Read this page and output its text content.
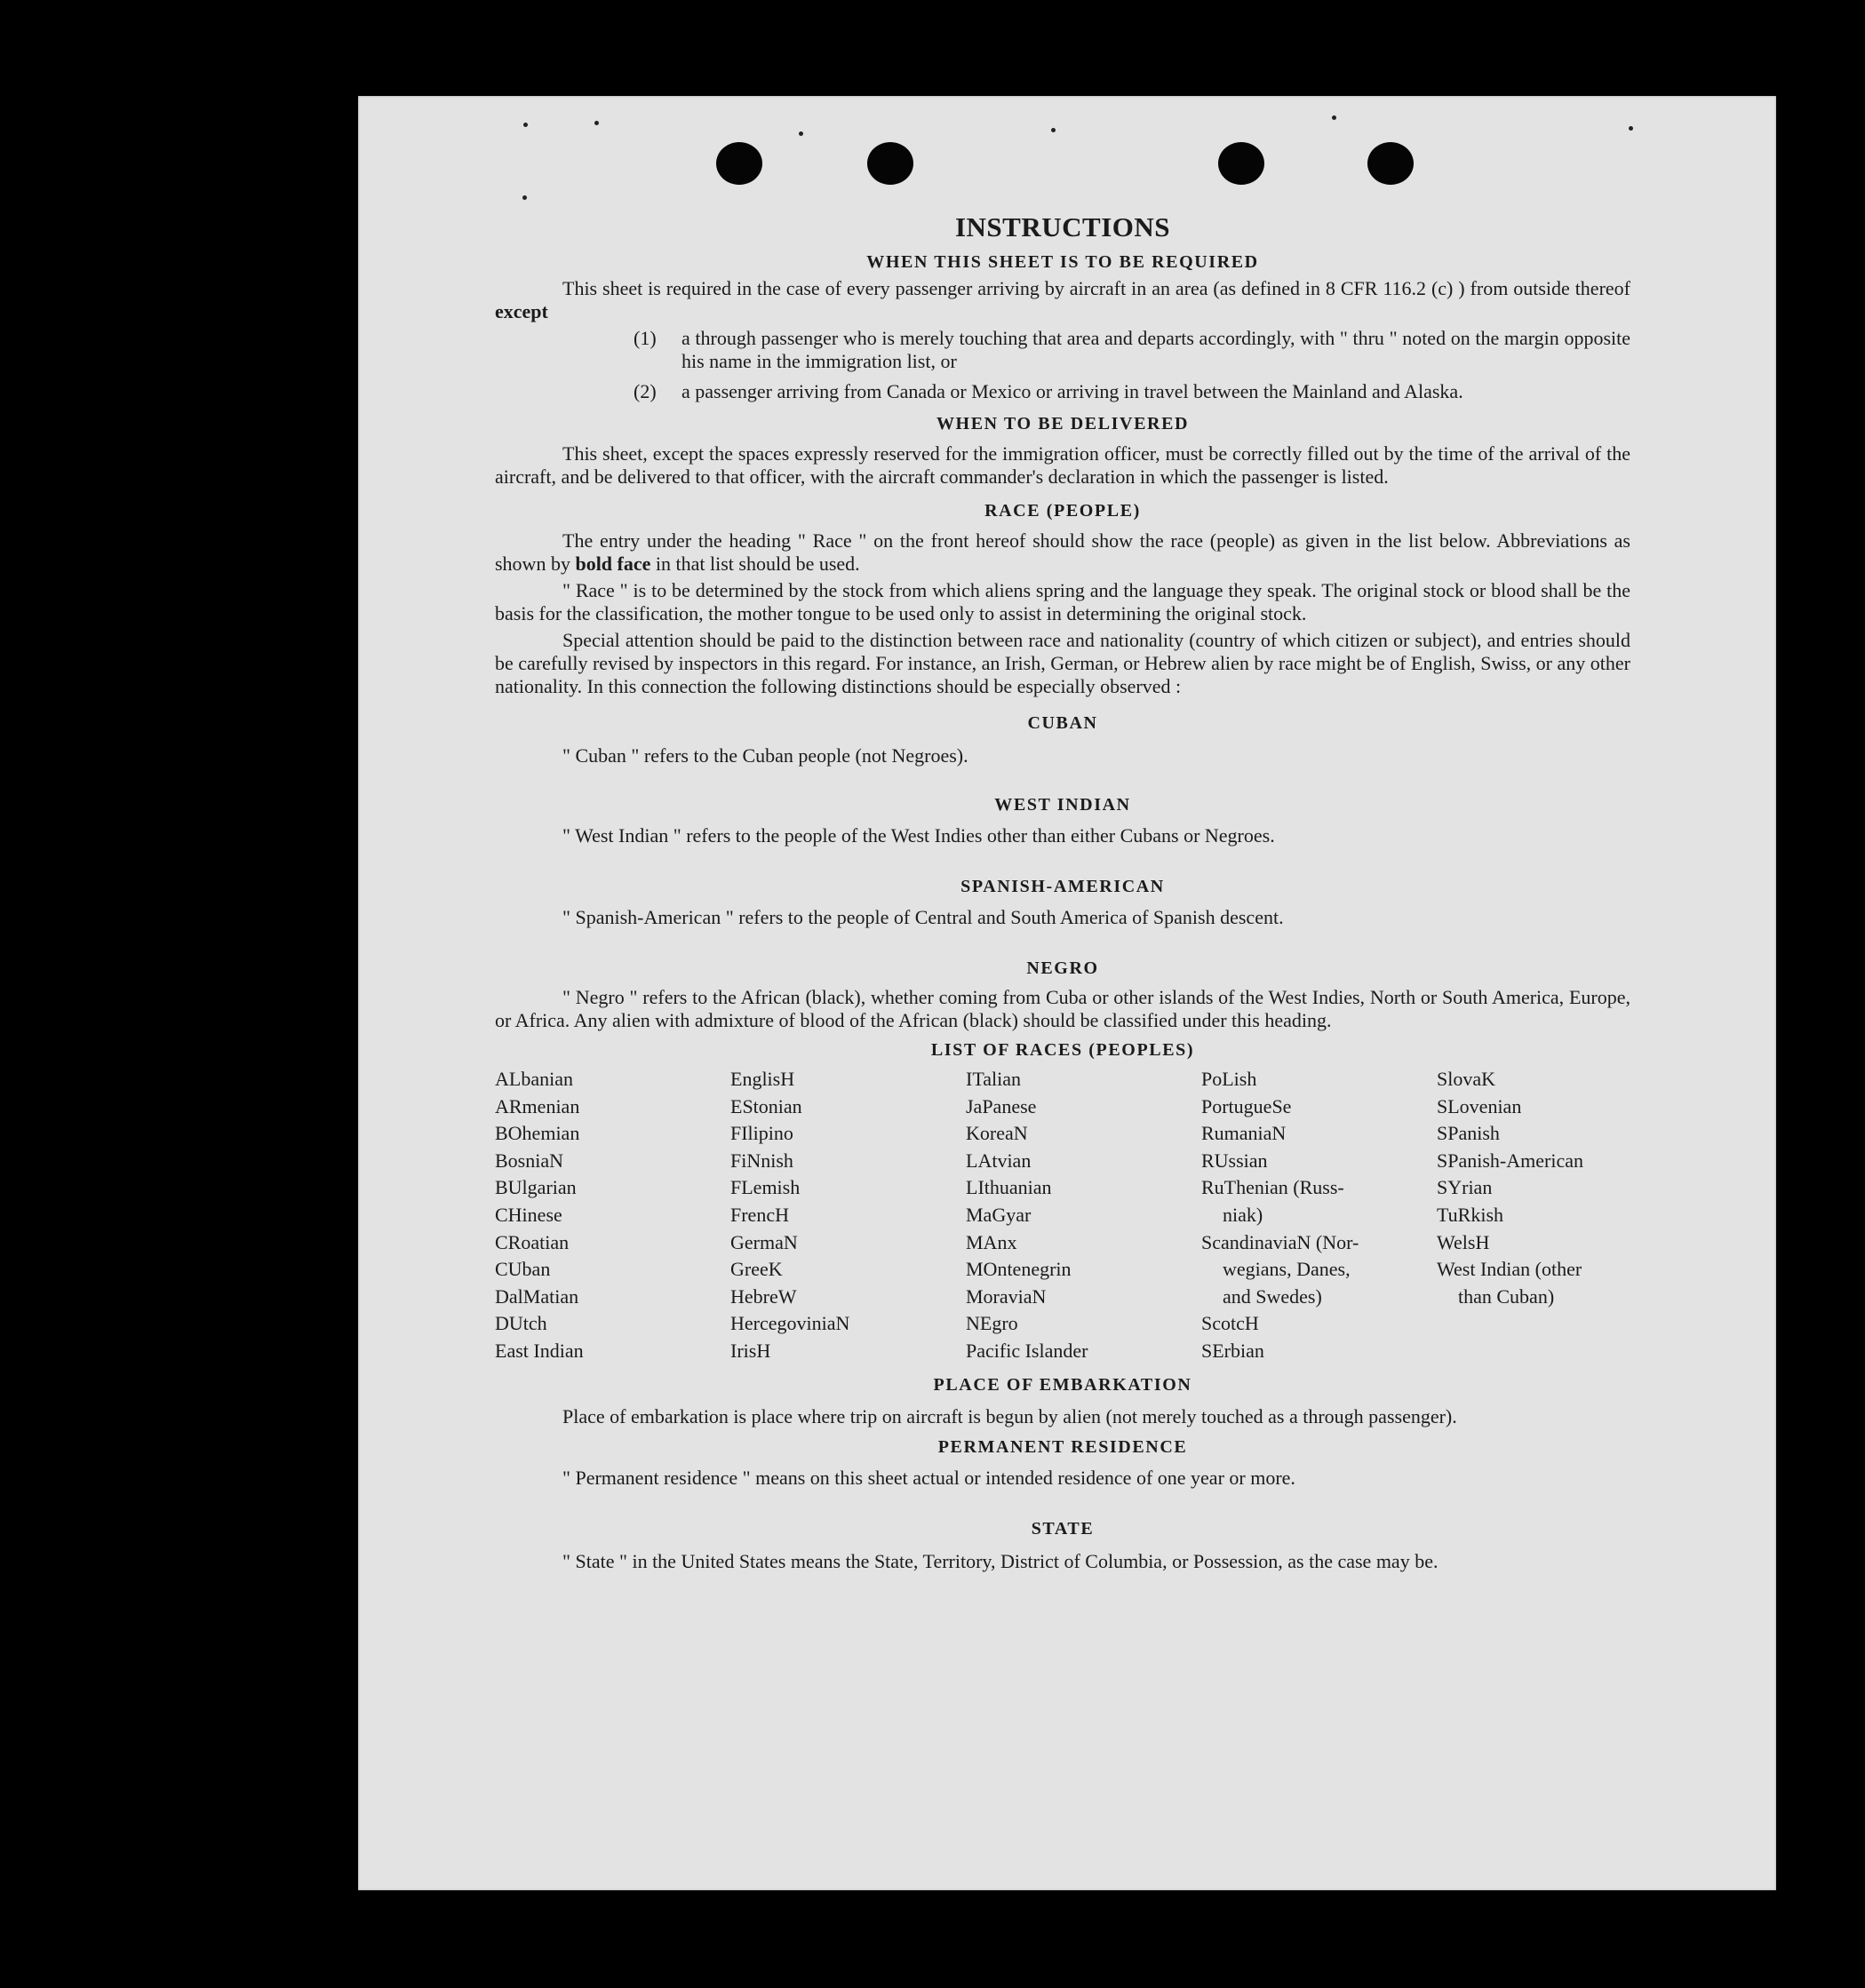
INSTRUCTIONS
WHEN THIS SHEET IS TO BE REQUIRED

This sheet is required in the case of every passenger arriving by aircraft in an area (as defined in 8 CFR 116.2 (c) ) from outside thereof except

(1)	a through passenger who is merely touching that area and departs accordingly, with " thru " noted on the margin opposite his name in the immigration list, or
(2)	a passenger arriving from Canada or Mexico or arriving in travel between the Mainland and Alaska.
WHEN TO BE DELIVERED

This sheet, except the spaces expressly reserved for the immigration officer, must be correctly filled out by the time of the arrival of the aircraft, and be delivered to that officer, with the aircraft commander's declaration in which the passenger is listed.

RACE (PEOPLE)

The entry under the heading " Race " on the front hereof should show the race (people) as given in the list below. Abbreviations as shown by bold face in that list should be used.

" Race " is to be determined by the stock from which aliens spring and the language they speak. The original stock or blood shall be the basis for the classification, the mother tongue to be used only to assist in determining the original stock.

Special attention should be paid to the distinction between race and nationality (country of which citizen or subject), and entries should be carefully revised by inspectors in this regard. For instance, an Irish, German, or Hebrew alien by race might be of English, Swiss, or any other nationality. In this connection the following distinctions should be especially observed :

CUBAN
" Cuban " refers to the Cuban people (not Negroes).
WEST INDIAN
" West Indian " refers to the people of the West Indies other than either Cubans or Negroes.
SPANISH-AMERICAN
" Spanish-American " refers to the people of Central and South America of Spanish descent.
NEGRO

" Negro " refers to the African (black), whether coming from Cuba or other islands of the West Indies, North or South America, Europe, or Africa. Any alien with admixture of blood of the African (black) should be classified under this heading.

LIST OF RACES (PEOPLES)
ALbanian
ARmenian
BOhemian
BosniaN
BUlgarian
CHinese
CRoatian
CUban
DalMatian
DUtch
East Indian
EnglisH
EStonian
FIlipino
FiNnish
FLemish
FrencH
GermaN
GreeK
HebreW
HercegoviniaN
IrisH
ITalian
JaPanese
KoreaN
LAtvian
LIthuanian
MaGyar
MAnx
MOntenegrin
MoraviaN
NEgro
Pacific Islander
PoLish
PortugueSe
RumaniaN
RUssian
RuThenian (Russ-
niak)
ScandinaviaN (Nor-
wegians, Danes,
and Swedes)
ScotcH
SErbian
SlovaK
SLovenian
SPanish
SPanish-American
SYrian
TuRkish
WelsH
West Indian (other
than Cuban)
PLACE OF EMBARKATION

Place of embarkation is place where trip on aircraft is begun by alien (not merely touched as a through passenger).

PERMANENT RESIDENCE
" Permanent residence " means on this sheet actual or intended residence of one year or more.
STATE

" State " in the United States means the State, Territory, District of Columbia, or Possession, as the case may be.
